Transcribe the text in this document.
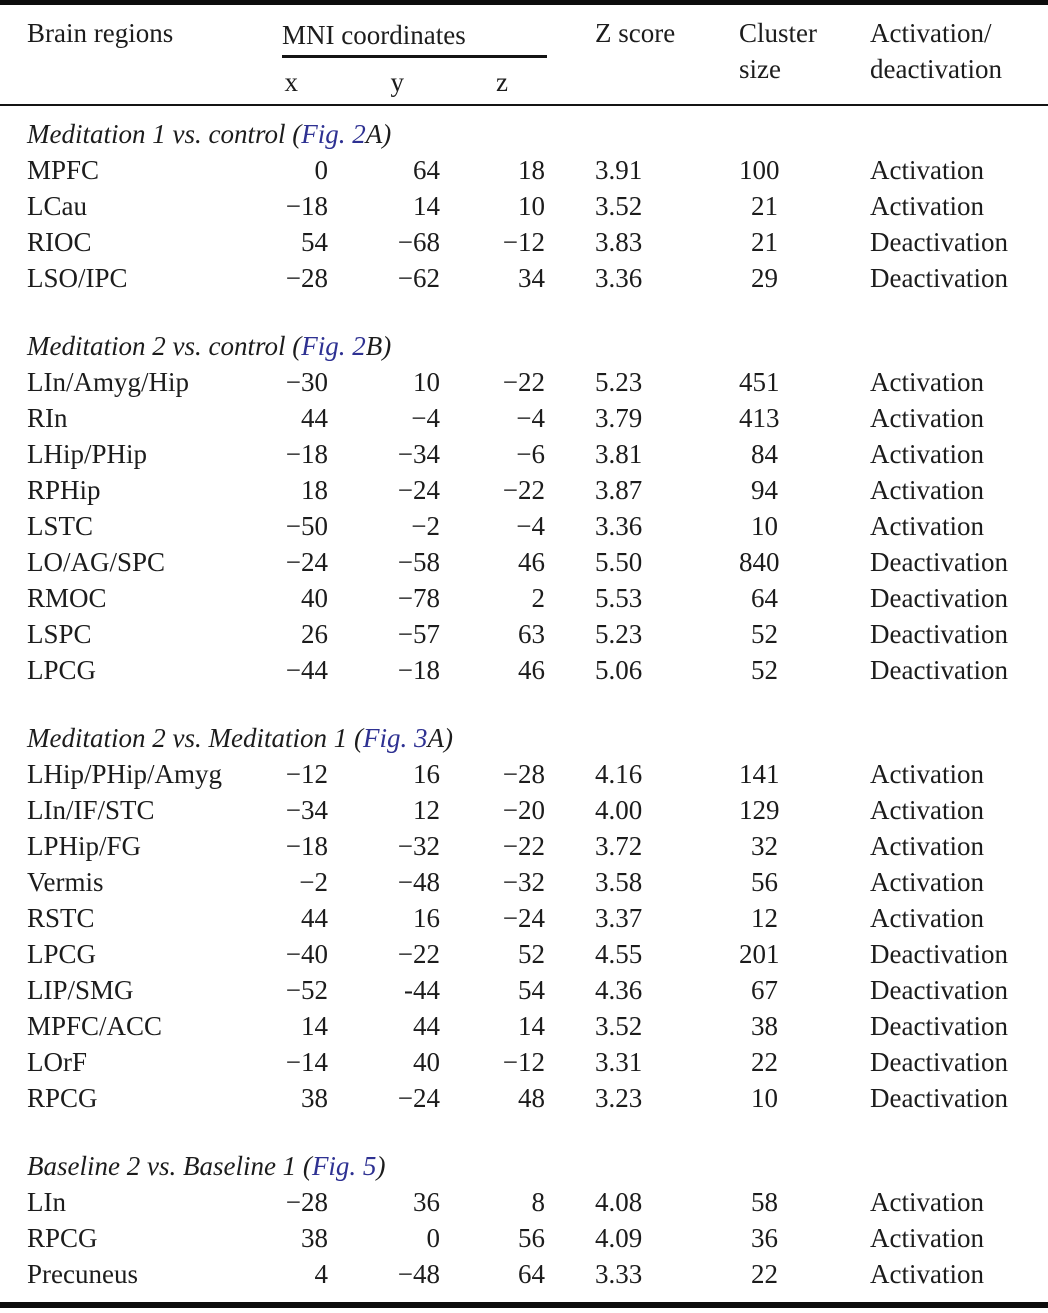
Brain regions	MNI coordinates
x	y	z
Z score	Cluster
size
Activation/
deactivation
Meditation 1 vs. control (Fig. 2A)
MPFC	0	64	18	3.91	100	Activation
LCau	−18	14	10	3.52	21	Activation
RIOC	54	−68	−12	3.83	21	Deactivation
LSO/IPC	−28	−62	34	3.36	29	Deactivation
Meditation 2 vs. control (Fig. 2B)
LIn/Amyg/Hip	−30	10	−22	5.23	451	Activation
RIn	44	−4	−4	3.79	413	Activation
LHip/PHip	−18	−34	−6	3.81	84	Activation
RPHip	18	−24	−22	3.87	94	Activation
LSTC	−50	−2	−4	3.36	10	Activation
LO/AG/SPC	−24	−58	46	5.50	840	Deactivation
RMOC	40	−78	2	5.53	64	Deactivation
LSPC	26	−57	63	5.23	52	Deactivation
LPCG	−44	−18	46	5.06	52	Deactivation
Meditation 2 vs. Meditation 1 (Fig. 3A)
LHip/PHip/Amyg	−12	16	−28	4.16	141	Activation
LIn/IF/STC	−34	12	−20	4.00	129	Activation
LPHip/FG	−18	−32	−22	3.72	32	Activation
Vermis	−2	−48	−32	3.58	56	Activation
RSTC	44	16	−24	3.37	12	Activation
LPCG	−40	−22	52	4.55	201	Deactivation
LIP/SMG	−52	-44	54	4.36	67	Deactivation
MPFC/ACC	14	44	14	3.52	38	Deactivation
LOrF	−14	40	−12	3.31	22	Deactivation
RPCG	38	−24	48	3.23	10	Deactivation
Baseline 2 vs. Baseline 1 (Fig. 5)
LIn	−28	36	8	4.08	58	Activation
RPCG	38	0	56	4.09	36	Activation
Precuneus	4	−48	64	3.33	22	Activation
